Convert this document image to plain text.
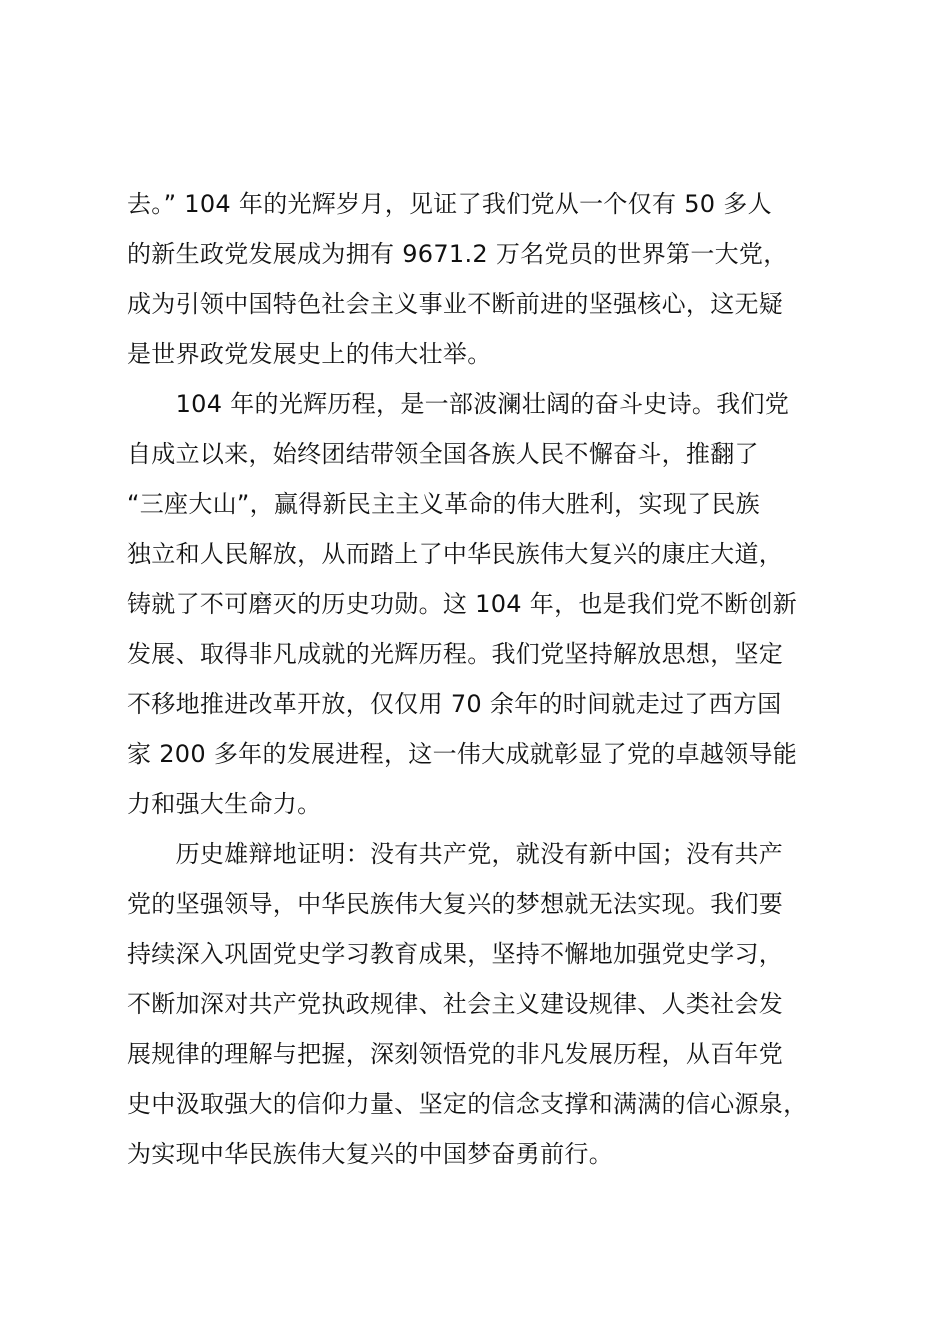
去。” 104 年的光辉岁月，见证了我们党从一个仅有 50 多人
的新生政党发展成为拥有 9671.2 万名党员的世界第一大党，
成为引领中国特色社会主义事业不断前进的坚强核心，这无疑
是世界政党发展史上的伟大壮举。
　　104 年的光辉历程，是一部波澜壮阔的奋斗史诗。我们党
自成立以来，始终团结带领全国各族人民不懈奋斗，推翻了
“三座大山”，赢得新民主主义革命的伟大胜利，实现了民族
独立和人民解放，从而踏上了中华民族伟大复兴的康庄大道，
铸就了不可磨灭的历史功勋。这 104 年，也是我们党不断创新
发展、取得非凡成就的光辉历程。我们党坚持解放思想，坚定
不移地推进改革开放，仅仅用 70 余年的时间就走过了西方国
家 200 多年的发展进程，这一伟大成就彰显了党的卓越领导能
力和强大生命力。
　　历史雄辩地证明：没有共产党，就没有新中国；没有共产
党的坚强领导，中华民族伟大复兴的梦想就无法实现。我们要
持续深入巩固党史学习教育成果，坚持不懈地加强党史学习，
不断加深对共产党执政规律、社会主义建设规律、人类社会发
展规律的理解与把握，深刻领悟党的非凡发展历程，从百年党
史中汲取强大的信仰力量、坚定的信念支撑和满满的信心源泉，
为实现中华民族伟大复兴的中国梦奋勇前行。
